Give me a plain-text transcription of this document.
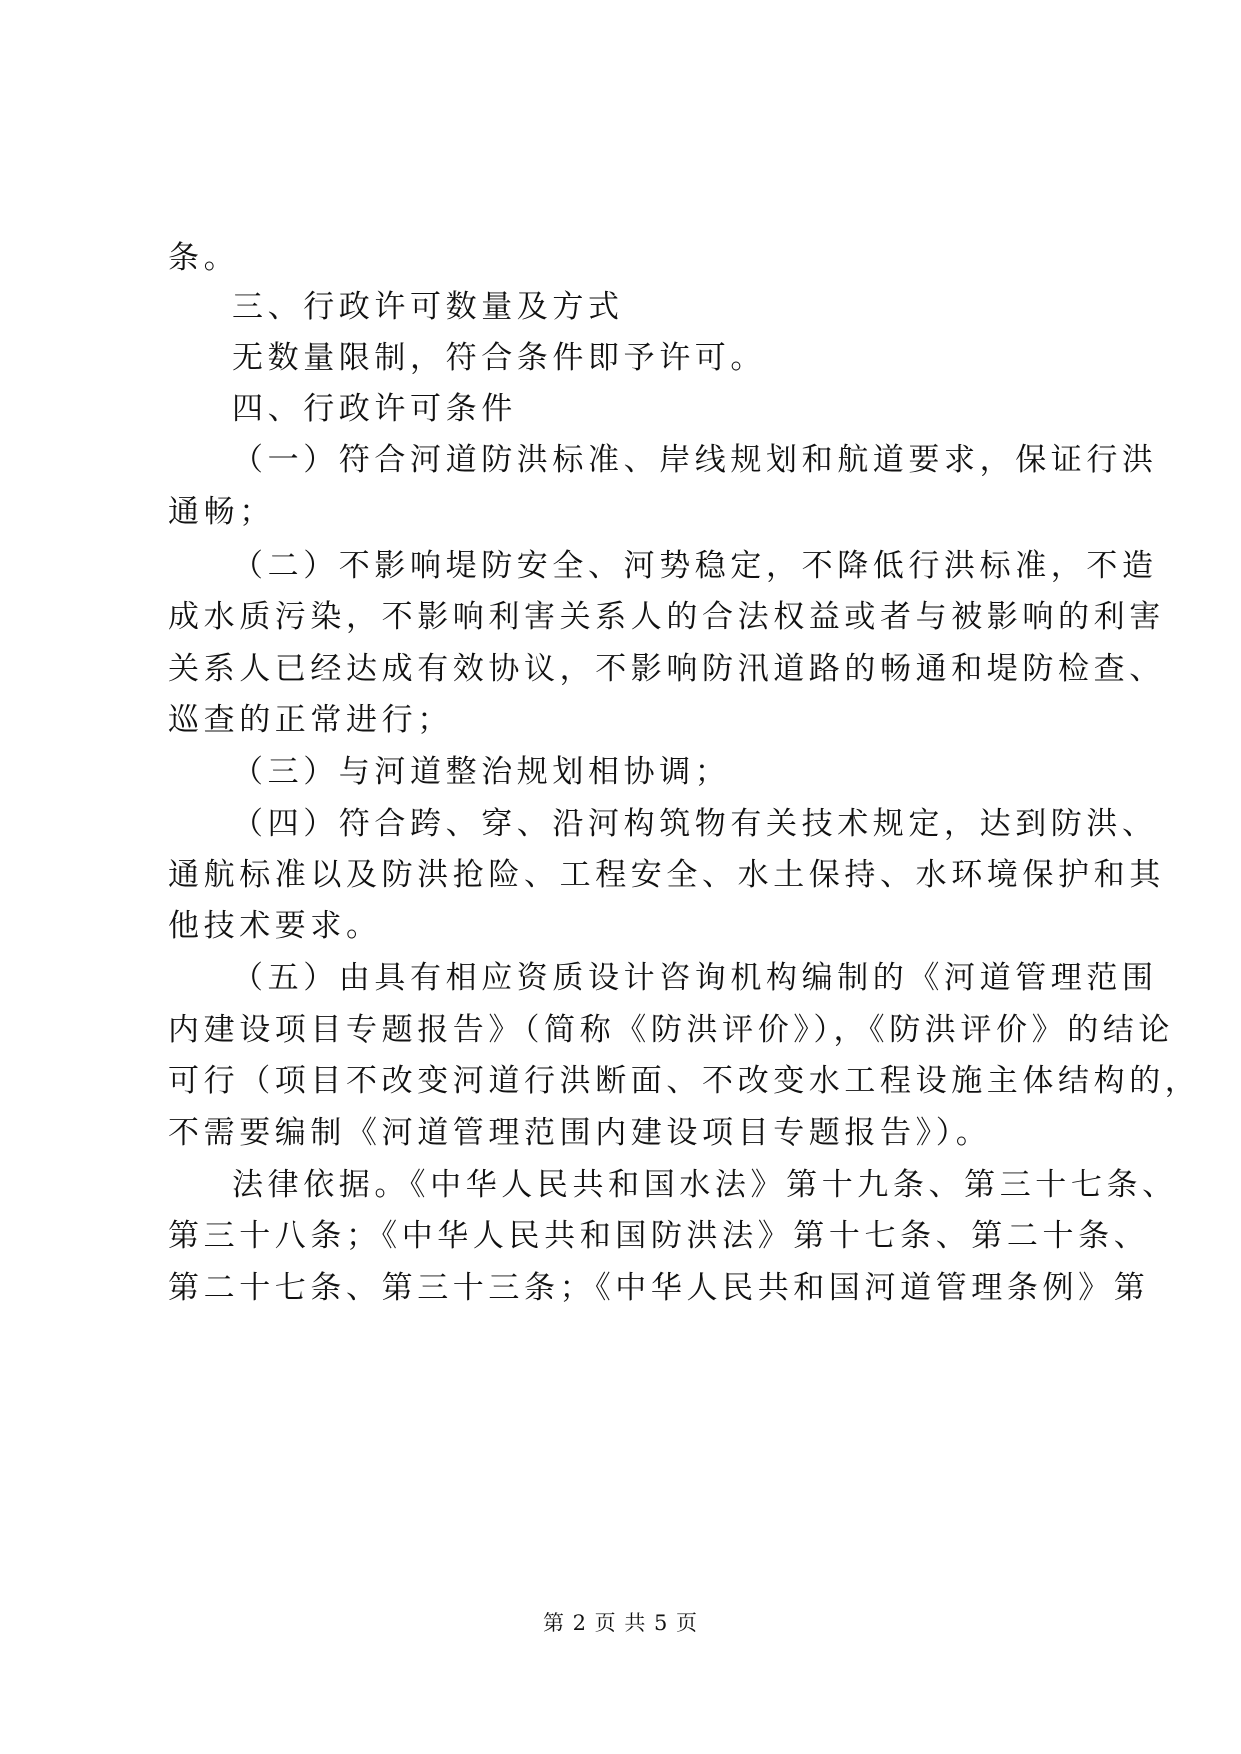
条。
三、行政许可数量及方式
无数量限制，符合条件即予许可。
四、行政许可条件
（一）符合河道防洪标准、岸线规划和航道要求，保证行洪
通畅；
（二）不影响堤防安全、河势稳定，不降低行洪标准，不造
成水质污染，不影响利害关系人的合法权益或者与被影响的利害
关系人已经达成有效协议，不影响防汛道路的畅通和堤防检查、
巡查的正常进行；
（三）与河道整治规划相协调；
（四）符合跨、穿、沿河构筑物有关技术规定，达到防洪、
通航标准以及防洪抢险、工程安全、水土保持、水环境保护和其
他技术要求。
（五）由具有相应资质设计咨询机构编制的《河道管理范围
内建设项目专题报告》（简称《防洪评价》），《防洪评价》的结论
可行（项目不改变河道行洪断面、不改变水工程设施主体结构的，
不需要编制《河道管理范围内建设项目专题报告》）。
法律依据。《中华人民共和国水法》第十九条、第三十七条、
第三十八条；《中华人民共和国防洪法》第十七条、第二十条、
第二十七条、第三十三条；《中华人民共和国河道管理条例》第
第 2 页 共 5 页
